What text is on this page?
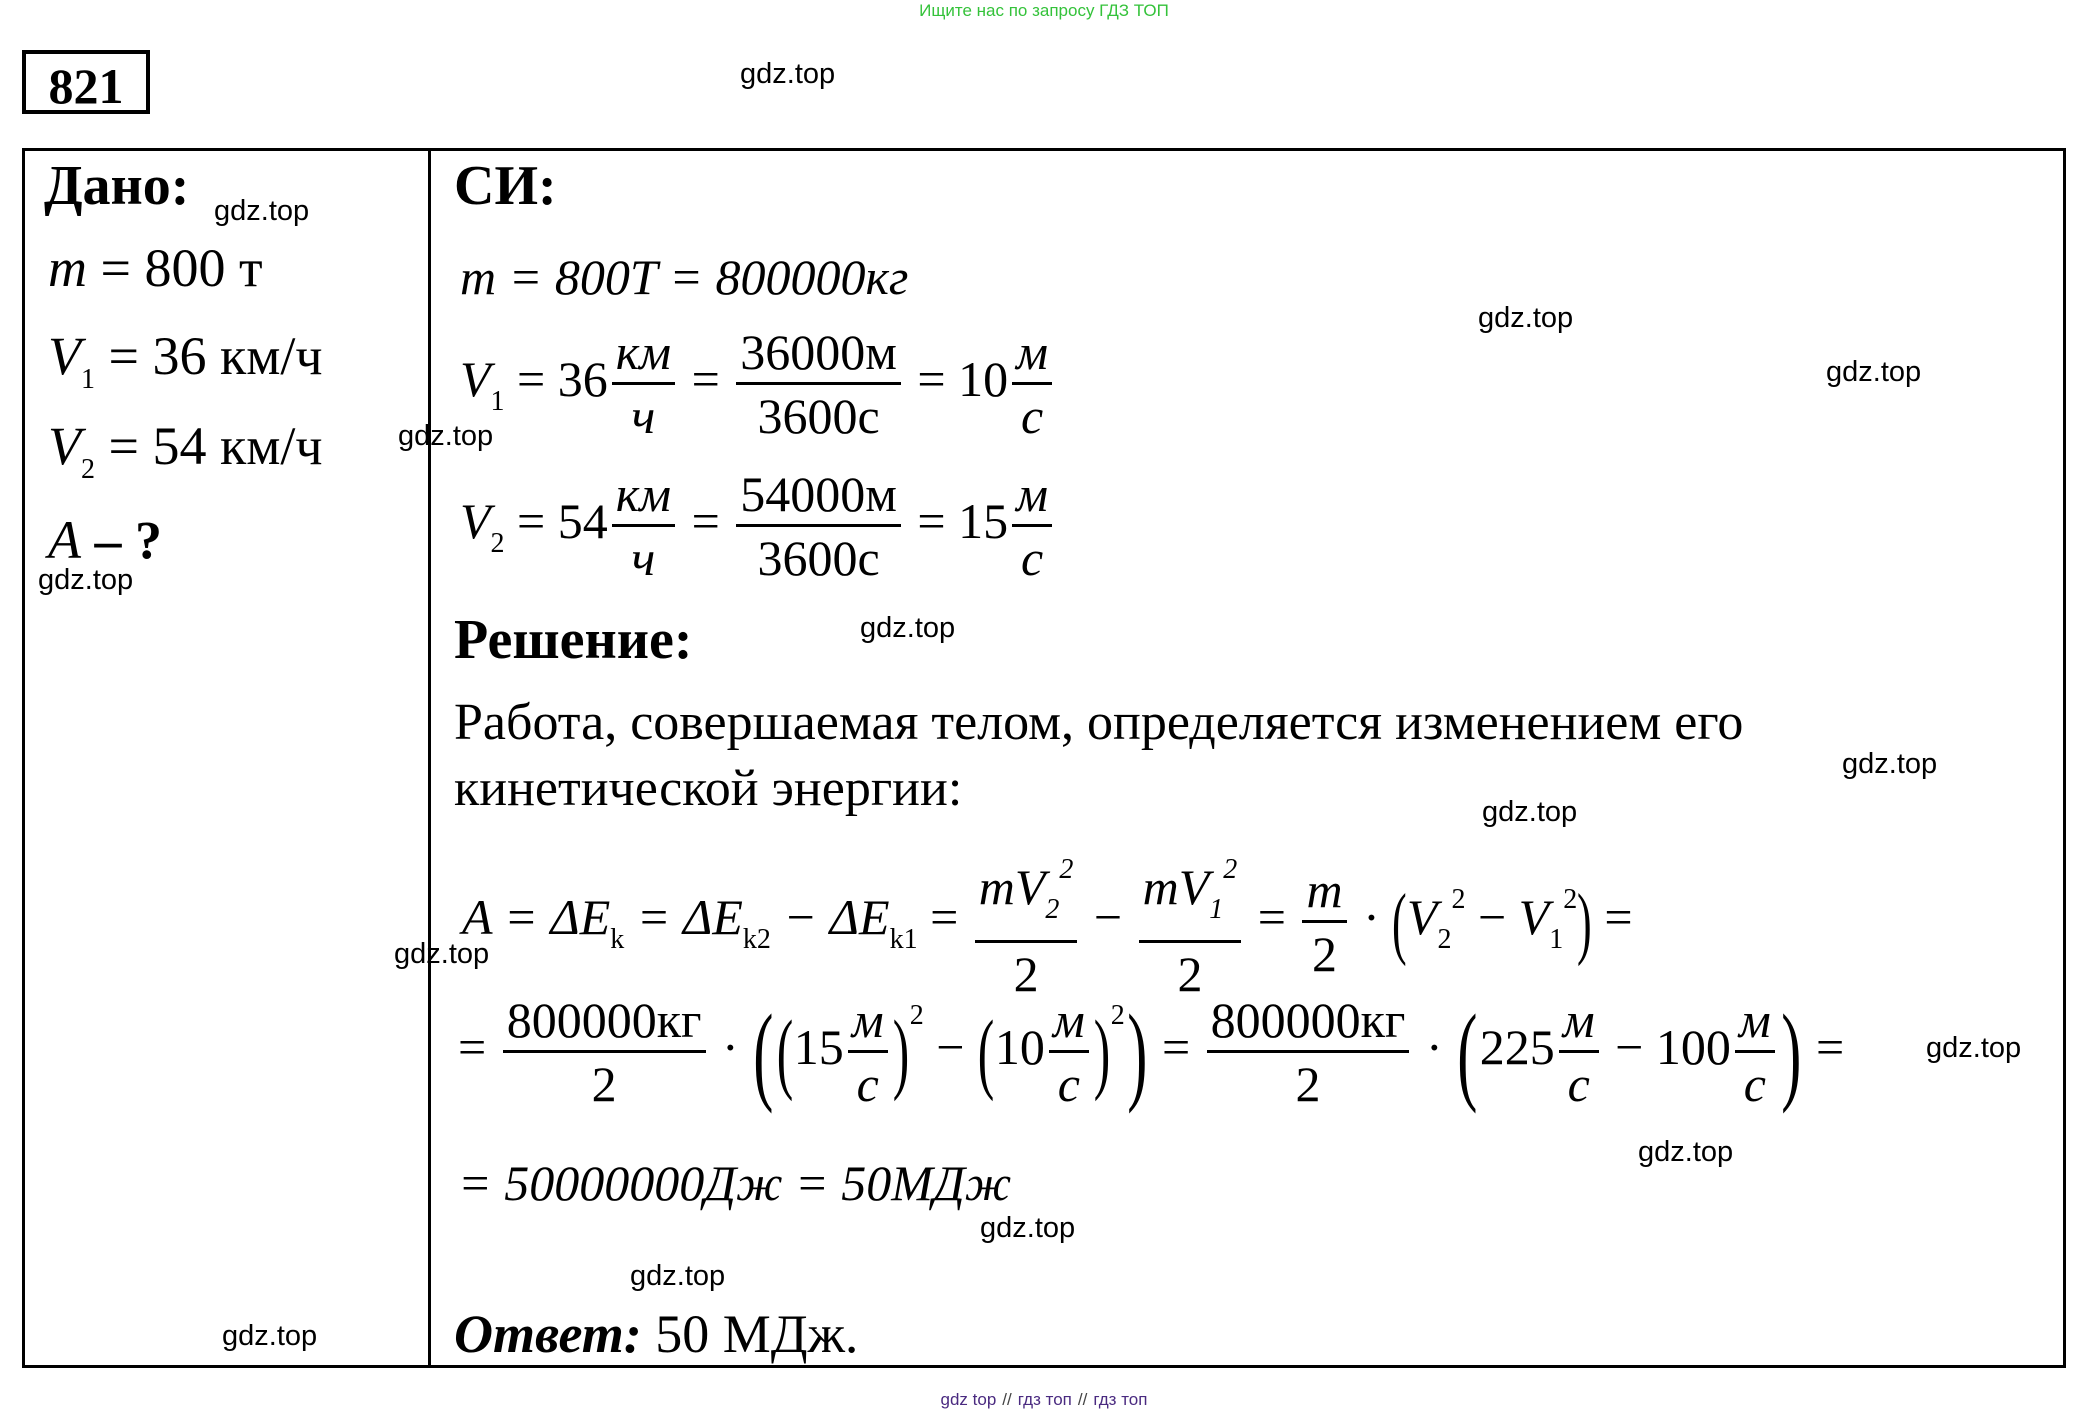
Ищите нас по запросу ГДЗ ТОП
821
Дано:	СИ:
Решение:
m = 800 т
$V_1 = 36$ км/ч
$V_2 = 54$ км/ч
A – ?
m = 800T = 800000кг
$V_1 = 36 \frac{км}{ч} = \frac{36000м}{3600с} = 10 \frac{м}{с}$
$V_2 = 54 \frac{км}{ч} = \frac{54000м}{3600с} = 15 \frac{м}{с}$
Работа, совершаемая телом, определяется изменением его
кинетической энергии:
$A = \Delta E_k = \Delta E_{k2} - \Delta E_{k1} = \frac{mV_2^2}{2} - \frac{mV_1^2}{2} = \frac{m}{2} \cdot (V_2^2 - V_1^2)$ =
= $\frac{800000кг}{2} \cdot ((15 \frac{м}{с} )^2 - (10 \frac{м}{с} )^2) = \frac{800000кг}{2} \cdot (225 \frac{м}{с} - 100 \frac{м}{с}$ ) =
= 50000000Дж = 50МДж
Ответ: 50 МДж.
gdz.top
gdz.top
gdz.top
gdz.top
gdz.top
gdz.top
gdz.top
gdz.top
gdz.top
gdz.top
gdz.top
gdz.top
gdz.top
gdz.top
gdz.top
gdz top // гдз топ // гдз топ
